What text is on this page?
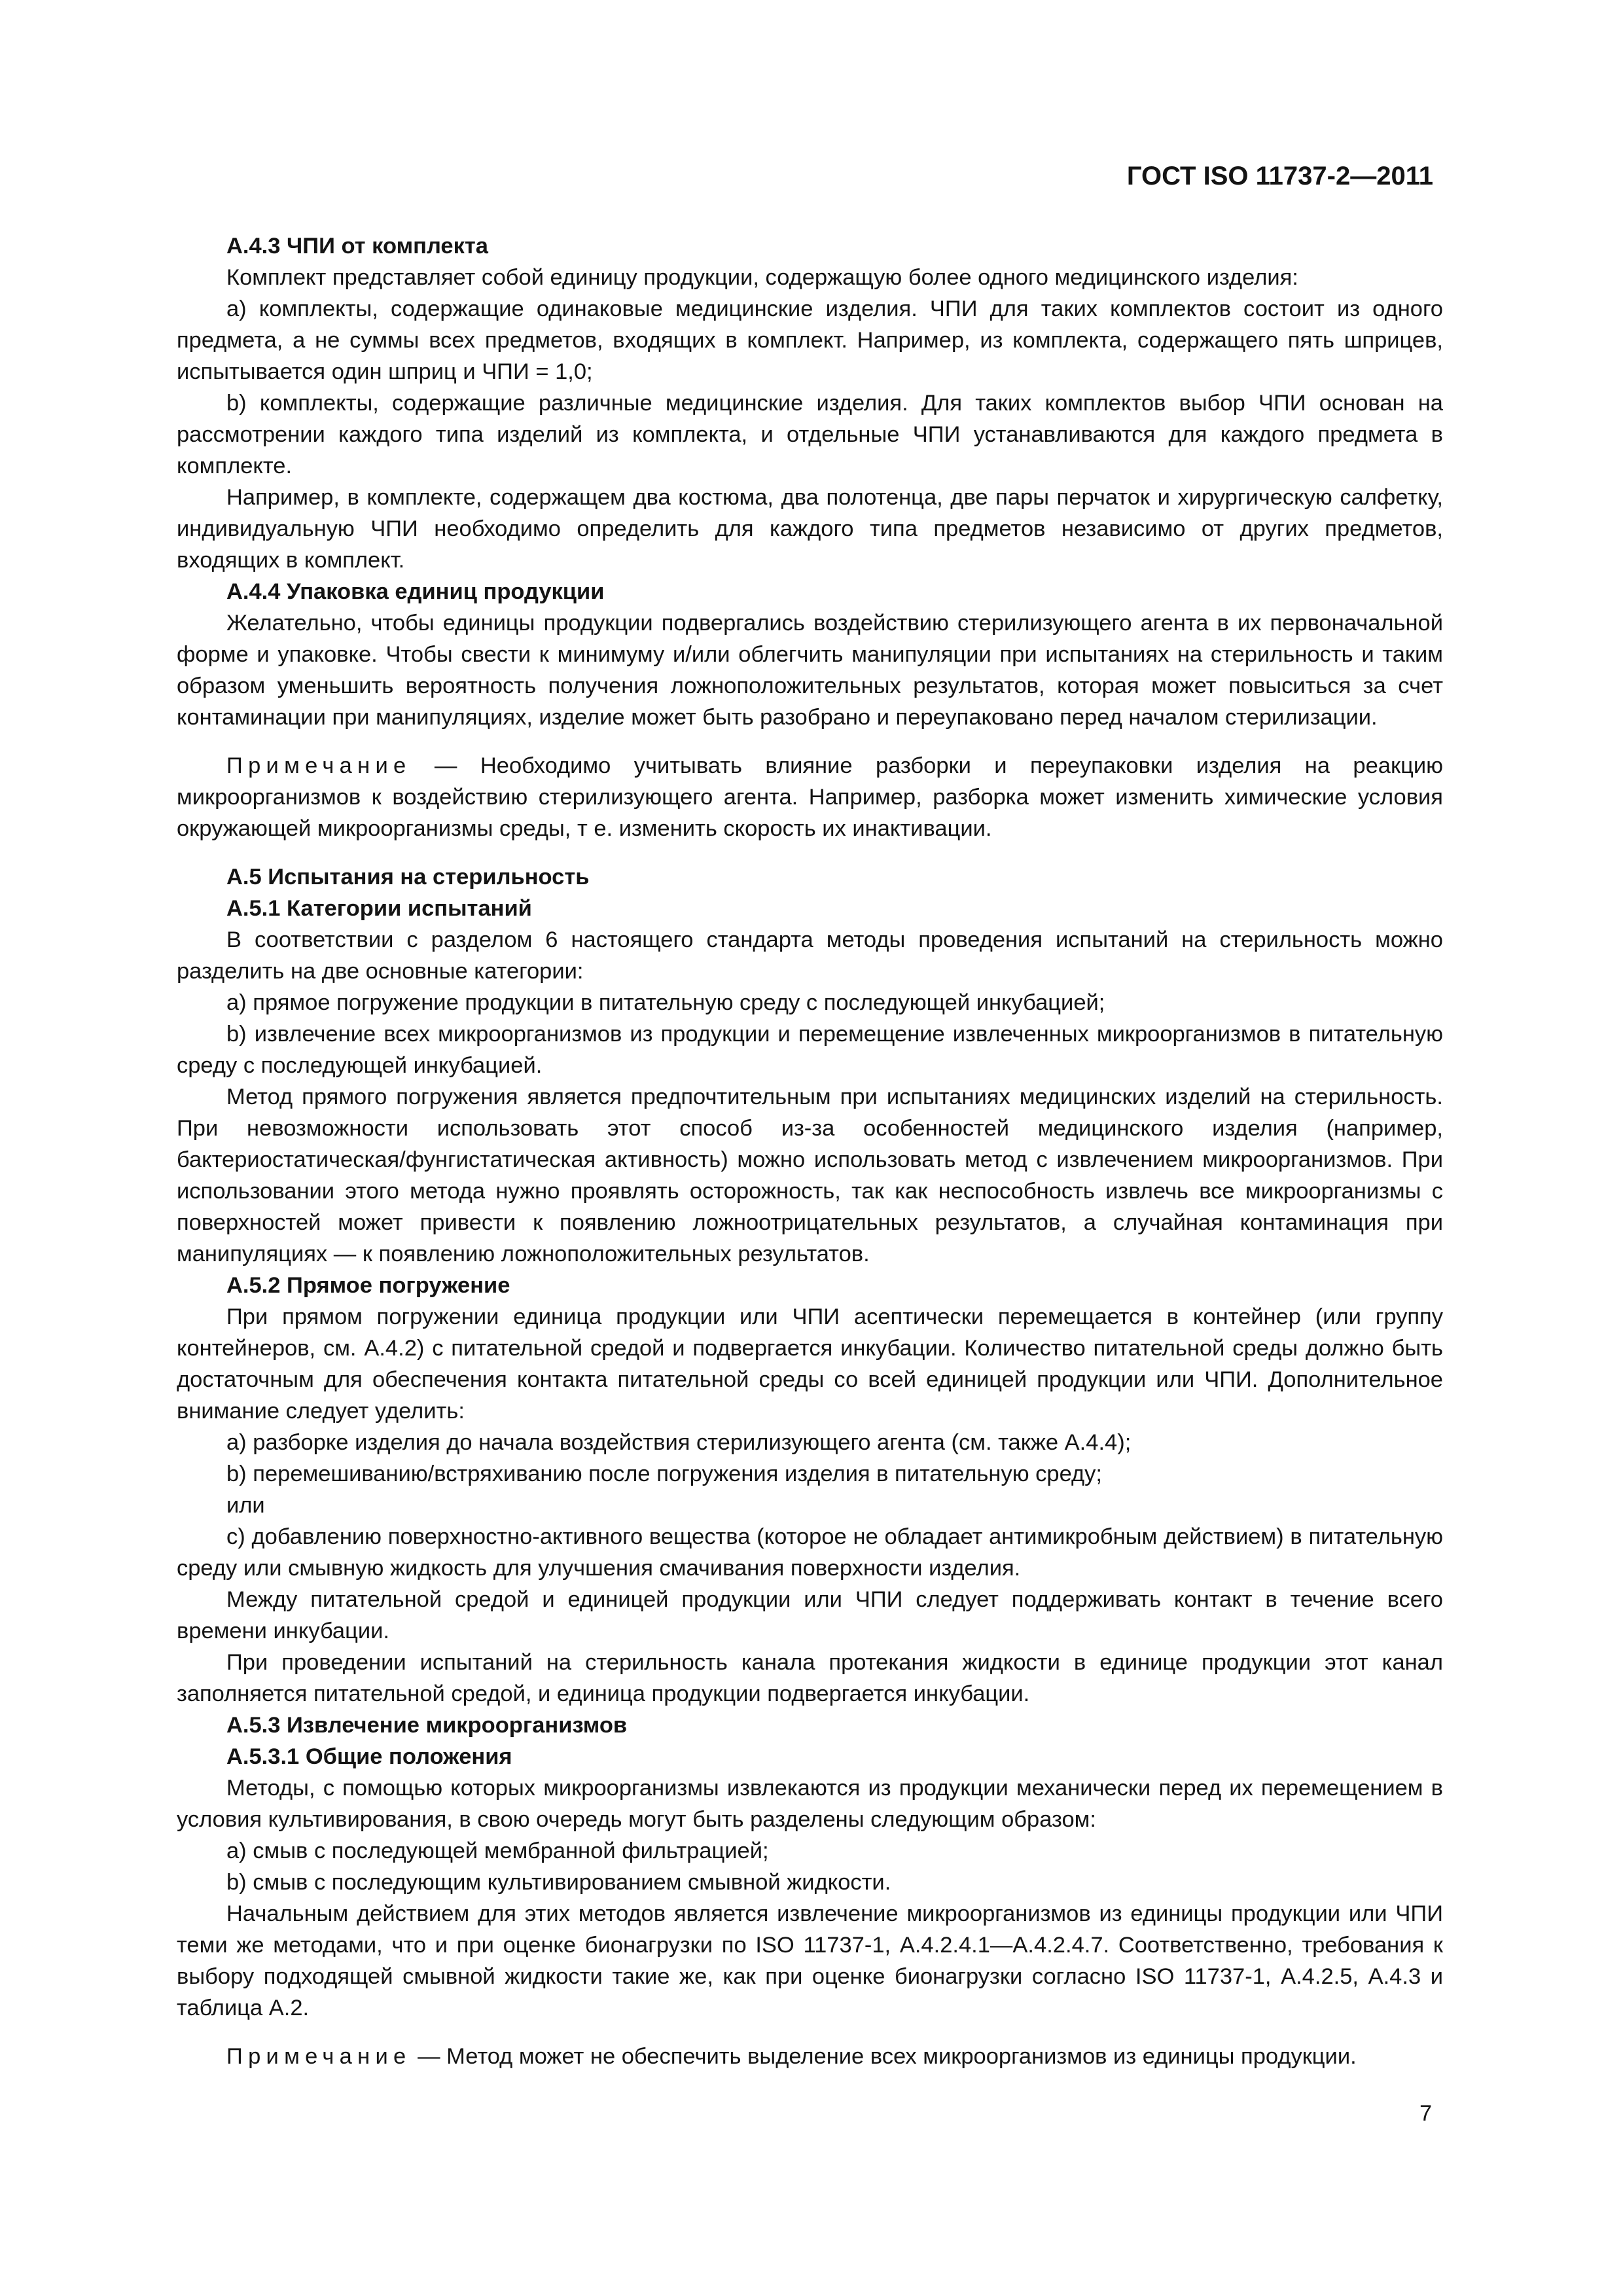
ГОСТ ISO 11737-2—2011

А.4.3 ЧПИ от комплекта

Комплект представляет собой единицу продукции, содержащую более одного медицинского изделия:

a) комплекты, содержащие одинаковые медицинские изделия. ЧПИ для таких комплектов состоит из одного предмета, а не суммы всех предметов, входящих в комплект. Например, из комплекта, содержащего пять шприцев, испытывается один шприц и ЧПИ = 1,0;

b) комплекты, содержащие различные медицинские изделия. Для таких комплектов выбор ЧПИ основан на рассмотрении каждого типа изделий из комплекта, и отдельные ЧПИ устанавливаются для каждого предмета в комплекте.

Например, в комплекте, содержащем два костюма, два полотенца, две пары перчаток и хирургическую салфетку, индивидуальную ЧПИ необходимо определить для каждого типа предметов независимо от других предметов, входящих в комплект.

А.4.4 Упаковка единиц продукции

Желательно, чтобы единицы продукции подвергались воздействию стерилизующего агента в их первоначальной форме и упаковке. Чтобы свести к минимуму и/или облегчить манипуляции при испытаниях на стерильность и таким образом уменьшить вероятность получения ложноположительных результатов, которая может повыситься за счет контаминации при манипуляциях, изделие может быть разобрано и переупаковано перед началом стерилизации.

Примечание — Необходимо учитывать влияние разборки и переупаковки изделия на реакцию микроорганизмов к воздействию стерилизующего агента. Например, разборка может изменить химические условия окружающей микроорганизмы среды, т е. изменить скорость их инактивации.

А.5 Испытания на стерильность

А.5.1 Категории испытаний

В соответствии с разделом 6 настоящего стандарта методы проведения испытаний на стерильность можно разделить на две основные категории:

a) прямое погружение продукции в питательную среду с последующей инкубацией;

b) извлечение всех микроорганизмов из продукции и перемещение извлеченных микроорганизмов в питательную среду с последующей инкубацией.

Метод прямого погружения является предпочтительным при испытаниях медицинских изделий на стерильность. При невозможности использовать этот способ из-за особенностей медицинского изделия (например, бактериостатическая/фунгистатическая активность) можно использовать метод с извлечением микроорганизмов. При использовании этого метода нужно проявлять осторожность, так как неспособность извлечь все микроорганизмы с поверхностей может привести к появлению ложноотрицательных результатов, а случайная контаминация при манипуляциях — к появлению ложноположительных результатов.

А.5.2 Прямое погружение

При прямом погружении единица продукции или ЧПИ асептически перемещается в контейнер (или группу контейнеров, см. А.4.2) с питательной средой и подвергается инкубации. Количество питательной среды должно быть достаточным для обеспечения контакта питательной среды со всей единицей продукции или ЧПИ. Дополнительное внимание следует уделить:

a) разборке изделия до начала воздействия стерилизующего агента (см. также А.4.4);

b) перемешиванию/встряхиванию после погружения изделия в питательную среду;

или

c) добавлению поверхностно-активного вещества (которое не обладает антимикробным действием) в питательную среду или смывную жидкость для улучшения смачивания поверхности изделия.

Между питательной средой и единицей продукции или ЧПИ следует поддерживать контакт в течение всего времени инкубации.

При проведении испытаний на стерильность канала протекания жидкости в единице продукции этот канал заполняется питательной средой, и единица продукции подвергается инкубации.

А.5.3 Извлечение микроорганизмов

А.5.3.1 Общие положения

Методы, с помощью которых микроорганизмы извлекаются из продукции механически перед их перемещением в условия культивирования, в свою очередь могут быть разделены следующим образом:

a) смыв с последующей мембранной фильтрацией;

b) смыв с последующим культивированием смывной жидкости.

Начальным действием для этих методов является извлечение микроорганизмов из единицы продукции или ЧПИ теми же методами, что и при оценке бионагрузки по ISO 11737-1, А.4.2.4.1—А.4.2.4.7. Соответственно, требования к выбору подходящей смывной жидкости такие же, как при оценке бионагрузки согласно ISO 11737-1, А.4.2.5, А.4.3 и таблица А.2.

Примечание — Метод может не обеспечить выделение всех микроорганизмов из единицы продукции.

7
